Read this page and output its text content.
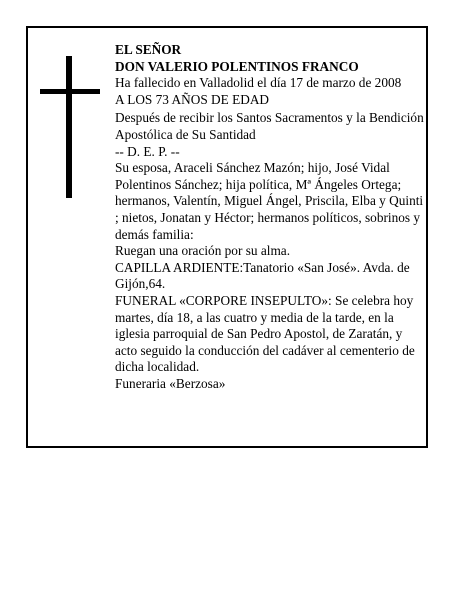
EL SEÑOR

DON VALERIO POLENTINOS FRANCO

Ha fallecido en Valladolid el día 17 de marzo de 2008

A LOS 73 AÑOS DE EDAD

Después de recibir los Santos Sacramentos y la Bendición Apostólica de Su Santidad

-- D. E. P. --

Su esposa, Araceli Sánchez Mazón; hijo, José Vidal Polentinos Sánchez; hija política, Mª Ángeles Ortega; hermanos, Valentín, Miguel Ángel, Priscila, Elba y Quinti ; nietos, Jonatan y Héctor; hermanos políticos, sobrinos y demás familia:

Ruegan una oración por su alma.

CAPILLA ARDIENTE:Tanatorio «San José». Avda. de Gijón,64.

FUNERAL «CORPORE INSEPULTO»: Se celebra hoy martes, día 18, a las cuatro y media de la tarde, en la iglesia parroquial de San Pedro Apostol, de Zaratán, y acto seguido la conducción del cadáver al cementerio de dicha localidad.

Funeraria «Berzosa»
